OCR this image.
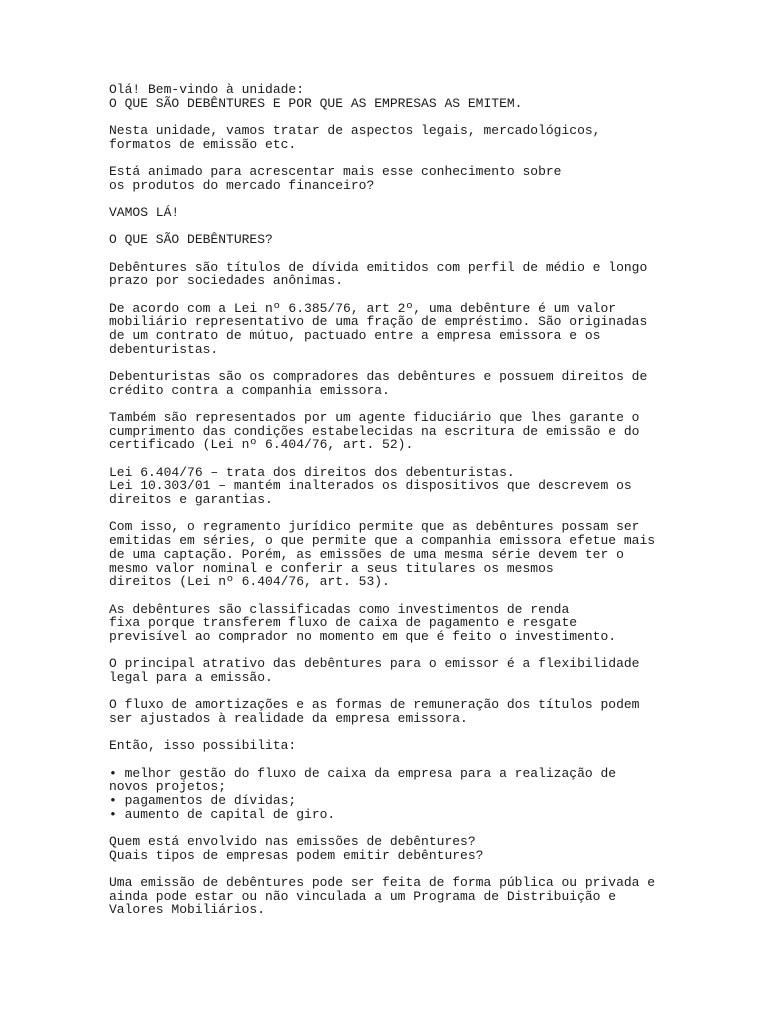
Olá! Bem-vindo à unidade:
O QUE SÃO DEBÊNTURES E POR QUE AS EMPRESAS AS EMITEM.
Nesta unidade, vamos tratar de aspectos legais, mercadológicos,
formatos de emissão etc.
Está animado para acrescentar mais esse conhecimento sobre
os produtos do mercado financeiro?
VAMOS LÁ!
O QUE SÃO DEBÊNTURES?
Debêntures são títulos de dívida emitidos com perfil de médio e longo
prazo por sociedades anônimas.
De acordo com a Lei nº 6.385/76, art 2º, uma debênture é um valor
mobiliário representativo de uma fração de empréstimo. São originadas
de um contrato de mútuo, pactuado entre a empresa emissora e os
debenturistas.
Debenturistas são os compradores das debêntures e possuem direitos de
crédito contra a companhia emissora.
Também são representados por um agente fiduciário que lhes garante o
cumprimento das condições estabelecidas na escritura de emissão e do
certificado (Lei nº 6.404/76, art. 52).
Lei 6.404/76 – trata dos direitos dos debenturistas.
Lei 10.303/01 – mantém inalterados os dispositivos que descrevem os
direitos e garantias.
Com isso, o regramento jurídico permite que as debêntures possam ser
emitidas em séries, o que permite que a companhia emissora efetue mais
de uma captação. Porém, as emissões de uma mesma série devem ter o
mesmo valor nominal e conferir a seus titulares os mesmos
direitos (Lei nº 6.404/76, art. 53).
As debêntures são classificadas como investimentos de renda
fixa porque transferem fluxo de caixa de pagamento e resgate
previsível ao comprador no momento em que é feito o investimento.
O principal atrativo das debêntures para o emissor é a flexibilidade
legal para a emissão.
O fluxo de amortizações e as formas de remuneração dos títulos podem
ser ajustados à realidade da empresa emissora.
Então, isso possibilita:
• melhor gestão do fluxo de caixa da empresa para a realização de
novos projetos;
• pagamentos de dívidas;
• aumento de capital de giro.
Quem está envolvido nas emissões de debêntures?
Quais tipos de empresas podem emitir debêntures?
Uma emissão de debêntures pode ser feita de forma pública ou privada e
ainda pode estar ou não vinculada a um Programa de Distribuição e
Valores Mobiliários.
